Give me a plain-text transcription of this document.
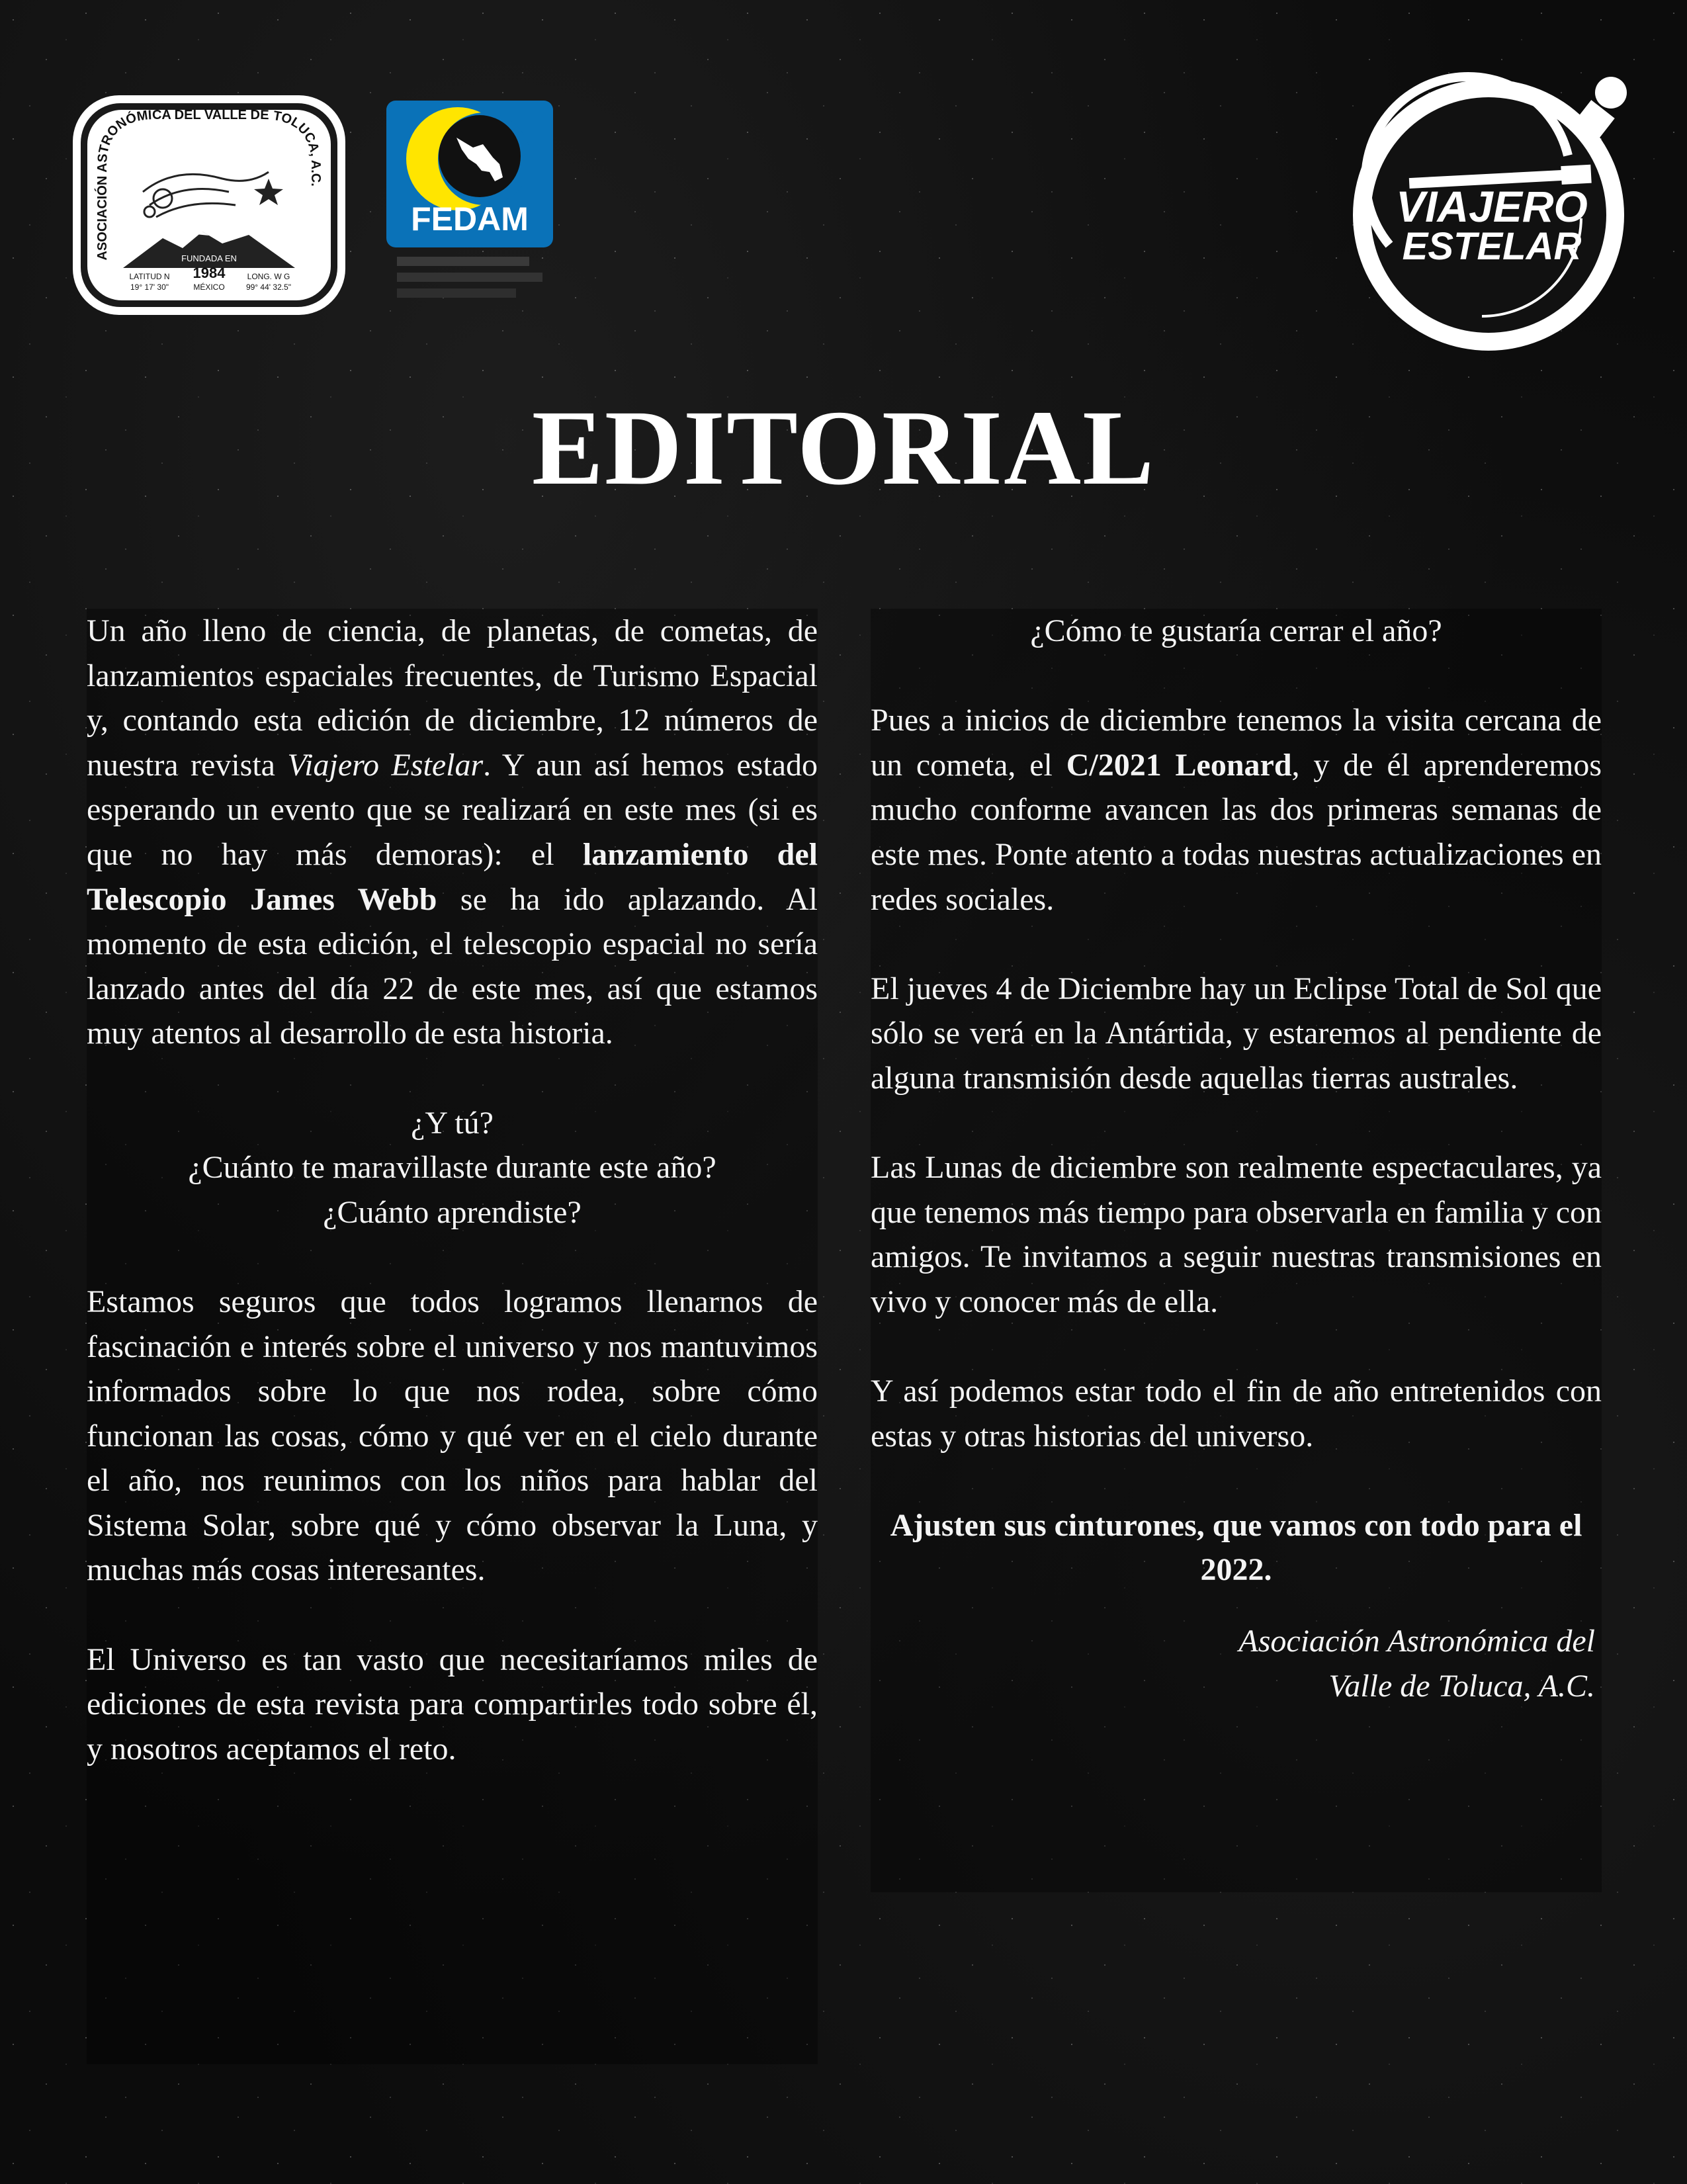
ASOCIACIÓN ASTRONÓMICA DEL VALLE DE TOLUCA, A.C.
FUNDADA EN
1984
LATITUD N
19° 17' 30"
LONG. W G
99° 44' 32.5"
MÉXICO
FEDAM	VIAJERO
ESTELAR
EDITORIAL

Un año lleno de ciencia, de planetas, de cometas, de lanzamientos espaciales frecuentes, de Turismo Espacial y, contando esta edición de diciembre, 12 números de nuestra revista Viajero Estelar. Y aun así hemos estado esperando un evento que se realizará en este mes (si es que no hay más demoras): el lanzamiento del Telescopio James Webb se ha ido aplazando. Al momento de esta edición, el telescopio espacial no sería lanzado antes del día 22 de este mes, así que estamos muy atentos al desarrollo de esta historia.

¿Y tú?
¿Cuánto te maravillaste durante este año?
¿Cuánto aprendiste?

Estamos seguros que todos logramos llenarnos de fascinación e interés sobre el universo y nos mantuvimos informados sobre lo que nos rodea, sobre cómo funcionan las cosas, cómo y qué ver en el cielo durante el año, nos reunimos con los niños para hablar del Sistema Solar, sobre qué y cómo observar la Luna, y muchas más cosas interesantes.

El Universo es tan vasto que necesitaríamos miles de ediciones de esta revista para compartirles todo sobre él, y nosotros aceptamos el reto.

¿Cómo te gustaría cerrar el año?

Pues a inicios de diciembre tenemos la visita cercana de un cometa, el C/2021 Leonard, y de él aprenderemos mucho conforme avancen las dos primeras semanas de este mes. Ponte atento a todas nuestras actualizaciones en redes sociales.

El jueves 4 de Diciembre hay un Eclipse Total de Sol que sólo se verá en la Antártida, y estaremos al pendiente de alguna transmisión desde aquellas tierras australes.

Las Lunas de diciembre son realmente espectaculares, ya que tenemos más tiempo para observarla en familia y con amigos. Te invitamos a seguir nuestras transmisiones en vivo y conocer más de ella.

Y así podemos estar todo el fin de año entretenidos con estas y otras historias del universo.

Ajusten sus cinturones, que vamos con todo para el 2022.

Asociación Astronómica del
Valle de Toluca, A.C.
